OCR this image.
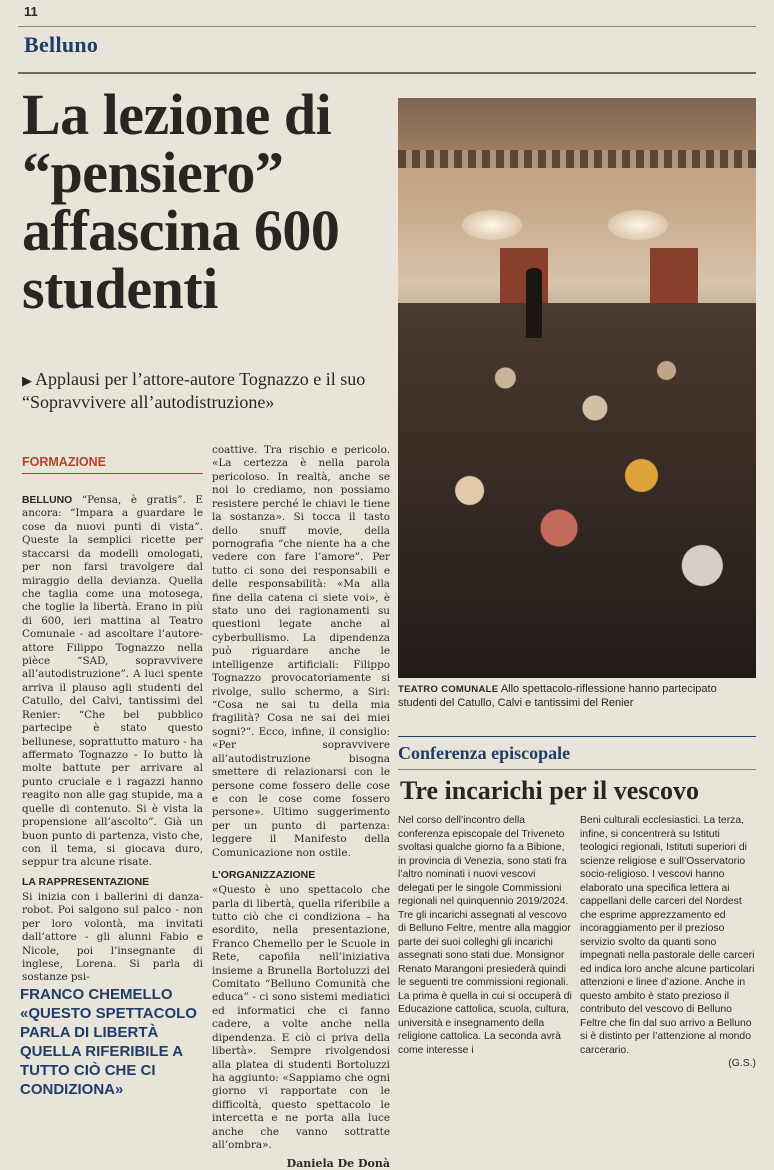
11
Belluno
La lezione di “pensiero” affascina 600 studenti
▶ Applausi per l’attore-autore Tognazzo e il suo “Sopravvivere all’autodistruzione»
TEATRO COMUNALE Allo spettacolo-riflessione hanno partecipato studenti del Catullo, Calvi e tantissimi del Renier
FORMAZIONE

BELLUNO “Pensa, è gratis”. E ancora: “Impara a guardare le cose da nuovi punti di vista”. Queste la semplici ricette per staccarsi da modelli omologati, per non farsi travolgere dal miraggio della devianza. Quella che taglia come una motosega, che toglie la libertà. Erano in più di 600, ieri mattina al Teatro Comunale - ad ascoltare l’autore-attore Filippo Tognazzo nella pièce “SAD, sopravvivere all’autodistruzione”. A luci spente arriva il plauso agli studenti del Catullo, del Calvi, tantissimi del Renier: “Che bel pubblico partecipe è stato questo bellunese, soprattutto maturo - ha affermato Tognazzo - Io butto là molte battute per arrivare al punto cruciale e i ragazzi hanno reagito non alle gag stupide, ma a quelle di contenuto. Si è vista la propensione all’ascolto”. Già un buon punto di partenza, visto che, con il tema, si giocava duro, seppur tra alcune risate.

LA RAPPRESENTAZIONE

Si inizia con i ballerini di danza-robot. Poi salgono sul palco - non per loro volontà, ma invitati dall’attore - gli alunni Fabio e Nicole, poi l’insegnante di inglese, Lorena. Si parla di sostanze psi-

FRANCO CHEMELLO «QUESTO SPETTACOLO PARLA DI LIBERTÀ QUELLA RIFERIBILE A TUTTO CIÒ CHE CI CONDIZIONA»

coattive. Tra rischio e pericolo. «La certezza è nella parola pericoloso. In realtà, anche se noi lo crediamo, non possiamo resistere perché le chiavi le tiene la sostanza». Si tocca il tasto dello snuff movie, della pornografia “che niente ha a che vedere con fare l’amore”. Per tutto ci sono dei responsabili e delle responsabilità: «Ma alla fine della catena ci siete voi», è stato uno dei ragionamenti su questioni legate anche al cyberbullismo. La dipendenza può riguardare anche le intelligenze artificiali: Filippo Tognazzo provocatoriamente si rivolge, sullo schermo, a Siri: “Cosa ne sai tu della mia fragilità? Cosa ne sai dei miei sogni?”. Ecco, infine, il consiglio: «Per sopravvivere all’autodistruzione bisogna smettere di relazionarsi con le persone come fossero delle cose e con le cose come fossero persone». Ultimo suggerimento per un punto di partenza: leggere il Manifesto della Comunicazione non ostile.

L’ORGANIZZAZIONE

«Questo è uno spettacolo che parla di libertà, quella riferibile a tutto ciò che ci condiziona – ha esordito, nella presentazione, Franco Chemello per le Scuole in Rete, capofila nell’iniziativa insieme a Brunella Bortoluzzi del Comitato “Belluno Comunità che educa” - ci sono sistemi mediatici ed informatici che ci fanno cadere, a volte anche nella dipendenza. E ciò ci priva della libertà». Sempre rivolgendosi alla platea di studenti Bortoluzzi ha aggiunto: «Sappiamo che ogni giorno vi rapportate con le difficoltà, questo spettacolo le intercetta e ne porta alla luce anche che vanno sottratte all’ombra».

Daniela De Donà
Conferenza episcopale
Tre incarichi per il vescovo
Nel corso dell’incontro della conferenza episcopale del Triveneto svoltasi qualche giorno fa a Bibione, in provincia di Venezia, sono stati fra l’altro nominati i nuovi vescovi delegati per le singole Commissioni regionali nel quinquennio 2019/2024. Tre gli incarichi assegnati al vescovo di Belluno Feltre, mentre alla maggior parte dei suoi colleghi gli incarichi assegnati sono stati due. Monsignor Renato Marangoni presiederà quindi le seguenti tre commissioni regionali. La prima è quella in cui si occuperà di Educazione cattolica, scuola, cultura, università e insegnamento della religione cattolica. La seconda avrà come interesse i

Beni culturali ecclesiastici. La terza, infine, si concentrerà su Istituti teologici regionali, Istituti superiori di scienze religiose e sull’Osservatorio socio-religioso. I vescovi hanno elaborato una specifica lettera ai cappellani delle carceri del Nordest che esprime apprezzamento ed incoraggiamento per il prezioso servizio svolto da quanti sono impegnati nella pastorale delle carceri ed indica loro anche alcune particolari attenzioni e linee d’azione. Anche in questo ambito è stato prezioso il contributo del vescovo di Belluno Feltre che fin dal suo arrivo a Belluno si è distinto per l’attenzione al mondo carcerario.

(G.S.)
